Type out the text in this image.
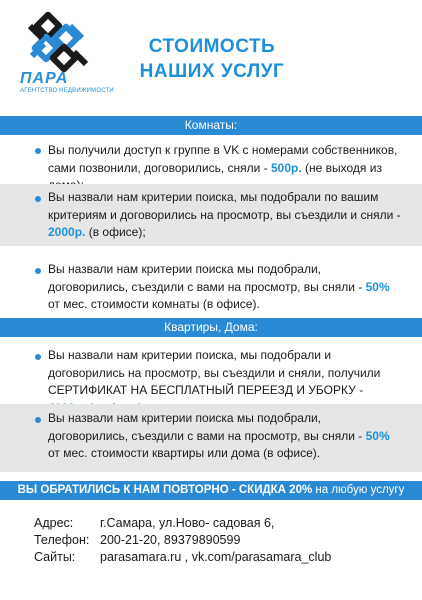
ПАРА
АГЕНТСТВО НЕДВИЖИМОСТИ
СТОИМОСТЬ
НАШИХ УСЛУГ
Комнаты:
Вы получили доступ к группе в VK с номерами собственников, сами позвонили, договорились, сняли - 500р. (не выходя из
Вы назвали нам критерии поиска, мы подобрали по вашим критериям и договорились на просмотр, вы съездили и сняли - 2000р. (в офисе);
Вы назвали нам критерии поиска мы подобрали, договорились, съездили с вами на просмотр, вы сняли - 50% от мес. стоимости комнаты (в офисе).
Квартиры, Дома:
Вы назвали нам критерии поиска, мы подобрали и договорились на просмотр, вы съездили и сняли, получили СЕРТИФИКАТ НА БЕСПЛАТНЫЙ ПЕРЕЕЗД И УБОРКУ -
Вы назвали нам критерии поиска мы подобрали, договорились, съездили с вами на просмотр, вы сняли - 50% от мес. стоимости квартиры или дома (в офисе).
ВЫ ОБРАТИЛИСЬ К НАМ ПОВТОРНО - СКИДКА 20% на любую услугу
Адрес:	г.Самара, ул.Ново- садовая 6,
Телефон: 200-21-20, 89379890599
Сайты:	parasamara.ru , vk.com/parasamara_club
